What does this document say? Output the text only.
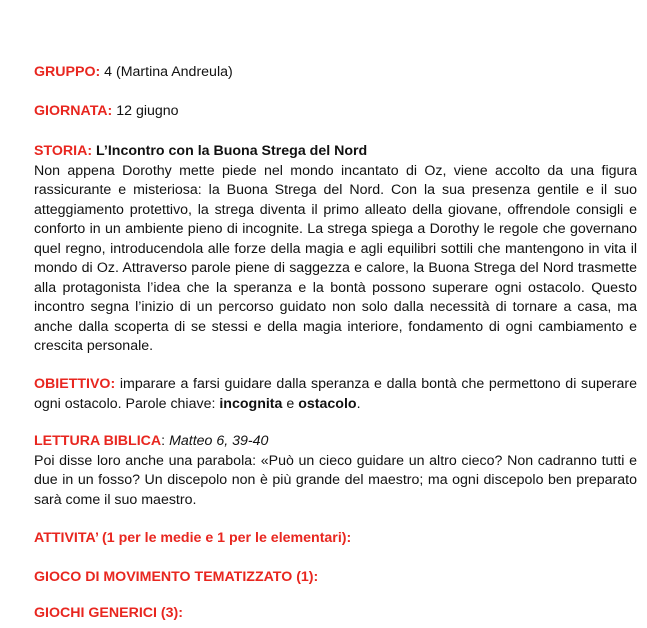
GRUPPO: 4 (Martina Andreula)
GIORNATA: 12 giugno

STORIA: L’Incontro con la Buona Strega del Nord

Non appena Dorothy mette piede nel mondo incantato di Oz, viene accolto da una figura rassicurante e misteriosa: la Buona Strega del Nord. Con la sua presenza gentile e il suo atteggiamento protettivo, la strega diventa il primo alleato della giovane, offrendole consigli e conforto in un ambiente pieno di incognite. La strega spiega a Dorothy le regole che governano quel regno, introducendola alle forze della magia e agli equilibri sottili che mantengono in vita il mondo di Oz. Attraverso parole piene di saggezza e calore, la Buona Strega del Nord trasmette alla protagonista l’idea che la speranza e la bontà possono superare ogni ostacolo. Questo incontro segna l’inizio di un percorso guidato non solo dalla necessità di tornare a casa, ma anche dalla scoperta di se stessi e della magia interiore, fondamento di ogni cambiamento e crescita personale.

OBIETTIVO: imparare a farsi guidare dalla speranza e dalla bontà che permettono di superare ogni ostacolo. Parole chiave: incognita e ostacolo.

LETTURA BIBLICA: Matteo 6, 39-40

Poi disse loro anche una parabola: «Può un cieco guidare un altro cieco? Non cadranno tutti e due in un fosso? Un discepolo non è più grande del maestro; ma ogni discepolo ben preparato sarà come il suo maestro.

ATTIVITA’ (1 per le medie e 1 per le elementari):
GIOCO DI MOVIMENTO TEMATIZZATO (1):
GIOCHI GENERICI (3):
